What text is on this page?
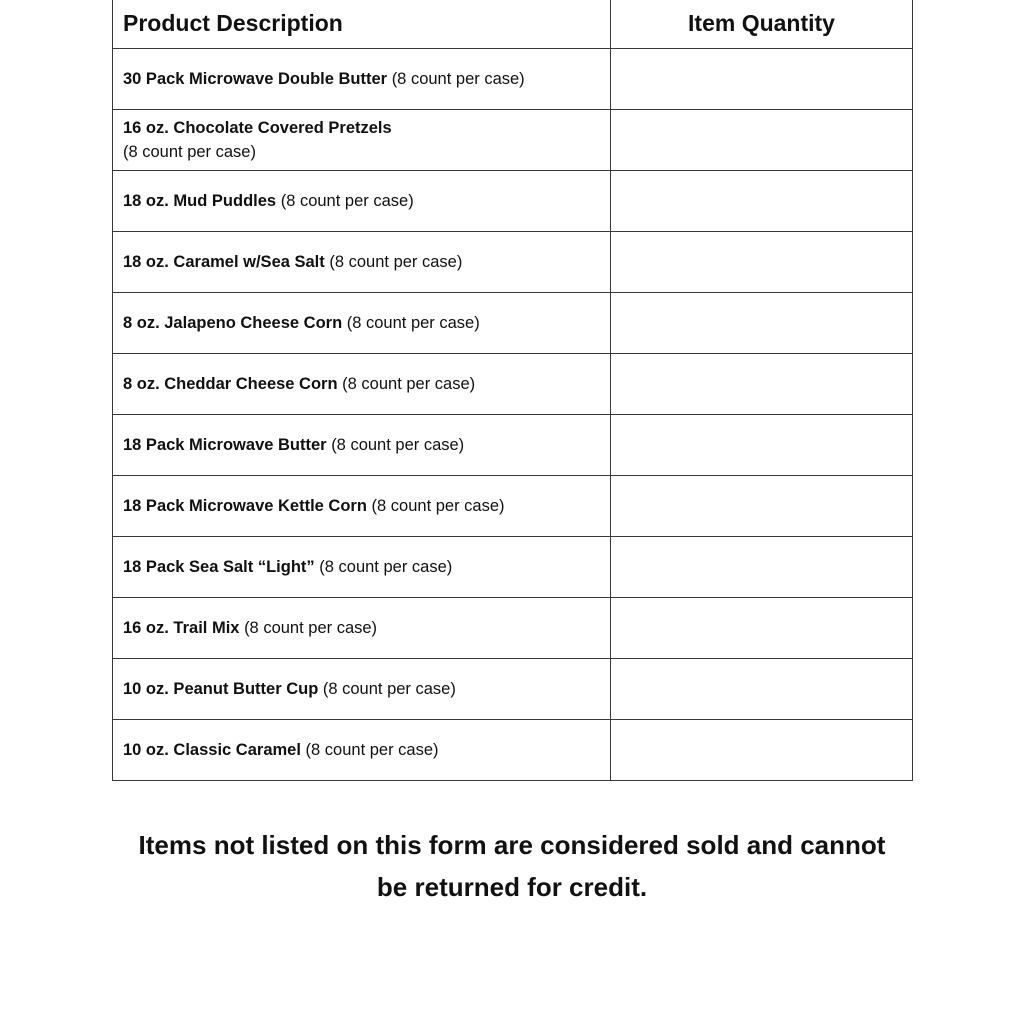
Product Description	Item Quantity
30 Pack Microwave Double Butter (8 count per case)	
16 oz. Chocolate Covered Pretzels
(8 count per case)	
18 oz. Mud Puddles (8 count per case)	
18 oz. Caramel w/Sea Salt (8 count per case)	
8 oz. Jalapeno Cheese Corn (8 count per case)	
8 oz. Cheddar Cheese Corn (8 count per case)	
18 Pack Microwave Butter (8 count per case)	
18 Pack Microwave Kettle Corn (8 count per case)	
18 Pack Sea Salt “Light” (8 count per case)	
16 oz. Trail Mix (8 count per case)	
10 oz. Peanut Butter Cup (8 count per case)	
10 oz. Classic Caramel (8 count per case)	
Items not listed on this form are considered sold and cannot
be returned for credit.
